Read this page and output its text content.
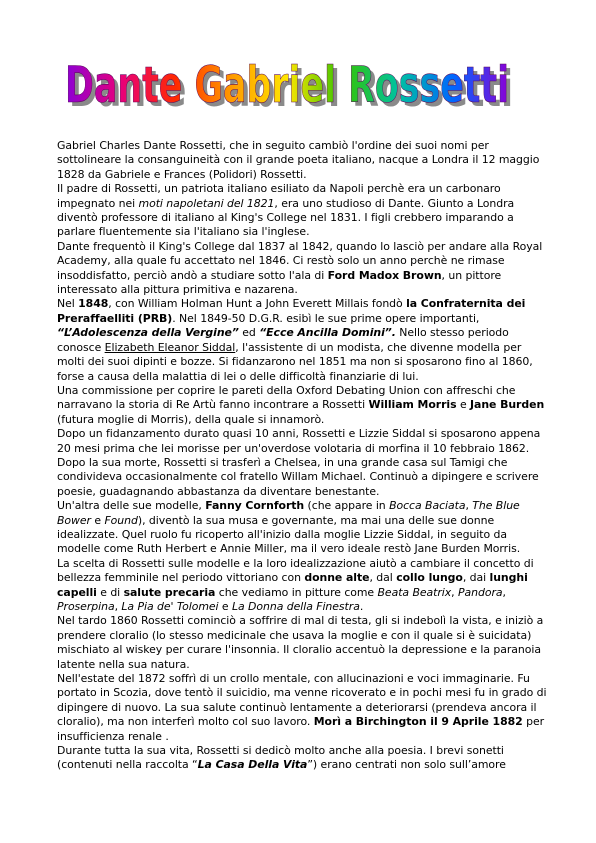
Dante Gabriel Rossetti
Dante Gabriel Rossetti

Gabriel Charles Dante Rossetti, che in seguito cambiò l'ordine dei suoi nomi per sottolineare la consanguineità con il grande poeta italiano, nacque a Londra il 12 maggio 1828 da Gabriele e Frances (Polidori) Rossetti.

Il padre di Rossetti, un patriota italiano esiliato da Napoli perchè era un carbonaro impegnato nei moti napoletani del 1821, era uno studioso di Dante. Giunto a Londra diventò professore di italiano al King's College nel 1831. I figli crebbero imparando a parlare fluentemente sia l'italiano sia l'inglese.

Dante frequentò il King's College dal 1837 al 1842, quando lo lasciò per andare alla Royal Academy, alla quale fu accettato nel 1846. Ci restò solo un anno perchè ne rimase insoddisfatto, perciò andò a studiare sotto l'ala di Ford Madox Brown, un pittore interessato alla pittura primitiva e nazarena.

Nel 1848, con William Holman Hunt a John Everett Millais fondò la Confraternita dei Preraffaelliti (PRB). Nel 1849-50 D.G.R. esibì le sue prime opere importanti, “L’Adolescenza della Vergine” ed “Ecce Ancilla Domini”. Nello stesso periodo conosce Elizabeth Eleanor Siddal, l'assistente di un modista, che divenne modella per molti dei suoi dipinti e bozze. Si fidanzarono nel 1851 ma non si sposarono fino al 1860, forse a causa della malattia di lei o delle difficoltà finanziarie di lui.

Una commissione per coprire le pareti della Oxford Debating Union con affreschi che narravano la storia di Re Artù fanno incontrare a Rossetti William Morris e Jane Burden (futura moglie di Morris), della quale si innamorò.

Dopo un fidanzamento durato quasi 10 anni, Rossetti e Lizzie Siddal si sposarono appena 20 mesi prima che lei morisse per un'overdose volotaria di morfina il 10 febbraio 1862.

Dopo la sua morte, Rossetti si trasferì a Chelsea, in una grande casa sul Tamigi che condivideva occasionalmente col fratello Willam Michael. Continuò a dipingere e scrivere poesie, guadagnando abbastanza da diventare benestante.

Un'altra delle sue modelle, Fanny Cornforth (che appare in Bocca Baciata, The Blue Bower e Found), diventò la sua musa e governante, ma mai una delle sue donne idealizzate. Quel ruolo fu ricoperto all'inizio dalla moglie Lizzie Siddal, in seguito da modelle come Ruth Herbert e Annie Miller, ma il vero ideale restò Jane Burden Morris.

La scelta di Rossetti sulle modelle e la loro idealizzazione aiutò a cambiare il concetto di bellezza femminile nel periodo vittoriano con donne alte, dal collo lungo, dai lunghi capelli e di salute precaria che vediamo in pitture come Beata Beatrix, Pandora, Proserpina, La Pia de' Tolomei e La Donna della Finestra.

Nel tardo 1860 Rossetti cominciò a soffrire di mal di testa, gli si indebolì la vista, e iniziò a prendere cloralio (lo stesso medicinale che usava la moglie e con il quale si è suicidata) mischiato al wiskey per curare l'insonnia. Il cloralio accentuò la depressione e la paranoia latente nella sua natura.

Nell'estate del 1872 soffrì di un crollo mentale, con allucinazioni e voci immaginarie. Fu portato in Scozia, dove tentò il suicidio, ma venne ricoverato e in pochi mesi fu in grado di dipingere di nuovo. La sua salute continuò lentamente a deteriorarsi (prendeva ancora il cloralio), ma non interferì molto col suo lavoro. Morì a Birchington il 9 Aprile 1882 per insufficienza renale .

Durante tutta la sua vita, Rossetti si dedicò molto anche alla poesia. I brevi sonetti (contenuti nella raccolta “La Casa Della Vita”) erano centrati non solo sull’amore
